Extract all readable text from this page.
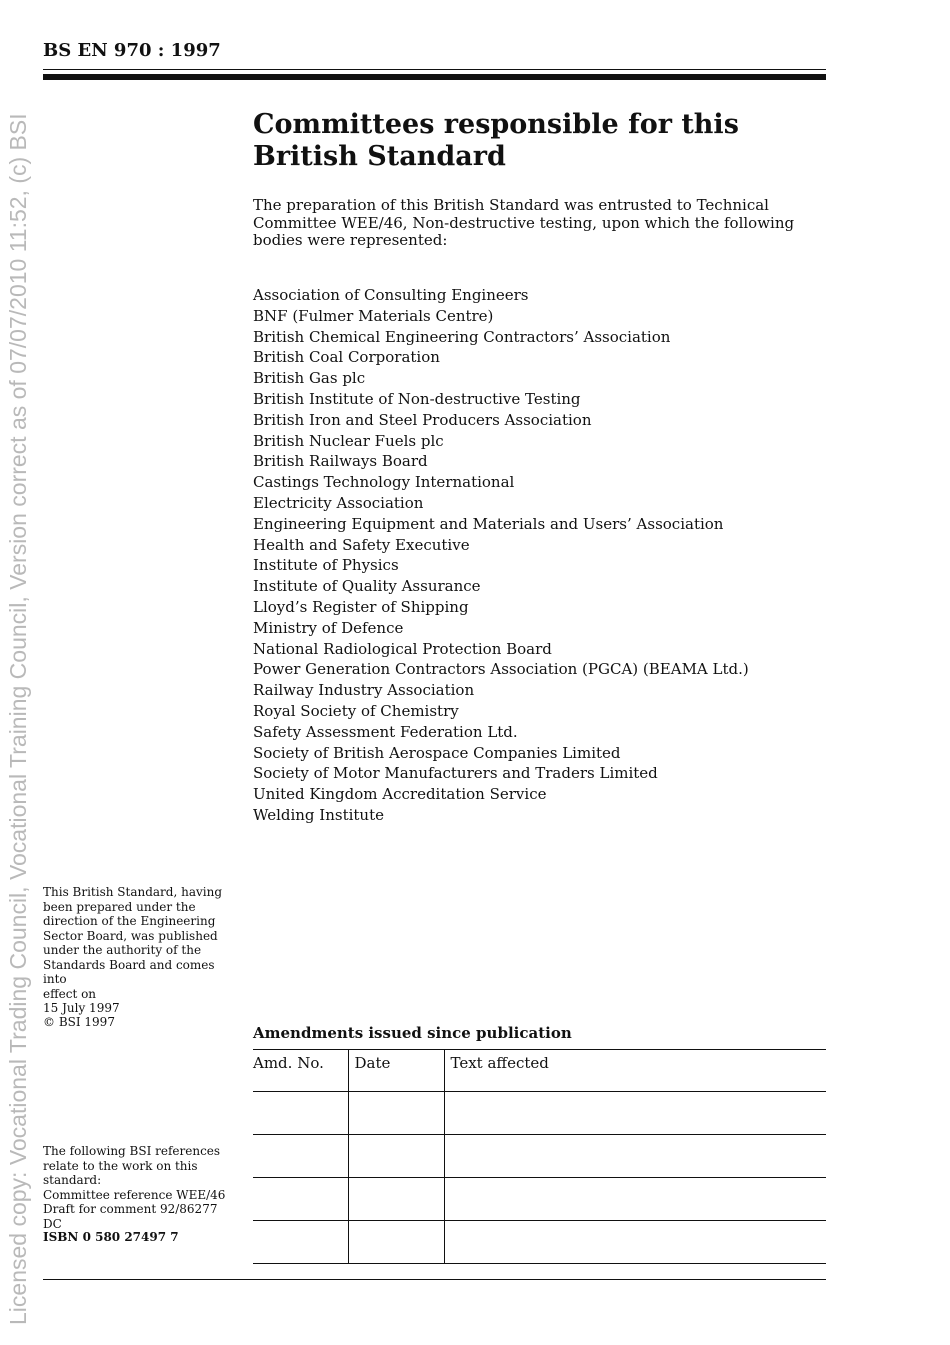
Licensed copy: Vocational Trading Council, Vocational Training Council, Version correct as of 07/07/2010 11:52, (c) BSI
BS EN 970 : 1997
Committees responsible for this British Standard

The preparation of this British Standard was entrusted to Technical Committee WEE/46, Non-destructive testing, upon which the following bodies were represented:

Association of Consulting Engineers
BNF (Fulmer Materials Centre)
British Chemical Engineering Contractors’ Association
British Coal Corporation
British Gas plc
British Institute of Non-destructive Testing
British Iron and Steel Producers Association
British Nuclear Fuels plc
British Railways Board
Castings Technology International
Electricity Association
Engineering Equipment and Materials and Users’ Association
Health and Safety Executive
Institute of Physics
Institute of Quality Assurance
Lloyd’s Register of Shipping
Ministry of Defence
National Radiological Protection Board
Power Generation Contractors Association (PGCA) (BEAMA Ltd.)
Railway Industry Association
Royal Society of Chemistry
Safety Assessment Federation Ltd.
Society of British Aerospace Companies Limited
Society of Motor Manufacturers and Traders Limited
United Kingdom Accreditation Service
Welding Institute

This British Standard, having
been prepared under the
direction of the Engineering
Sector Board, was published
under the authority of the
Standards Board and comes into
effect on
15 July 1997

© BSI 1997

The following BSI references
relate to the work on this
standard:
Committee reference WEE/46
Draft for comment 92/86277 DC

ISBN 0 580 27497 7

Amendments issued since publication
Amd. No.	Date	Text affected
